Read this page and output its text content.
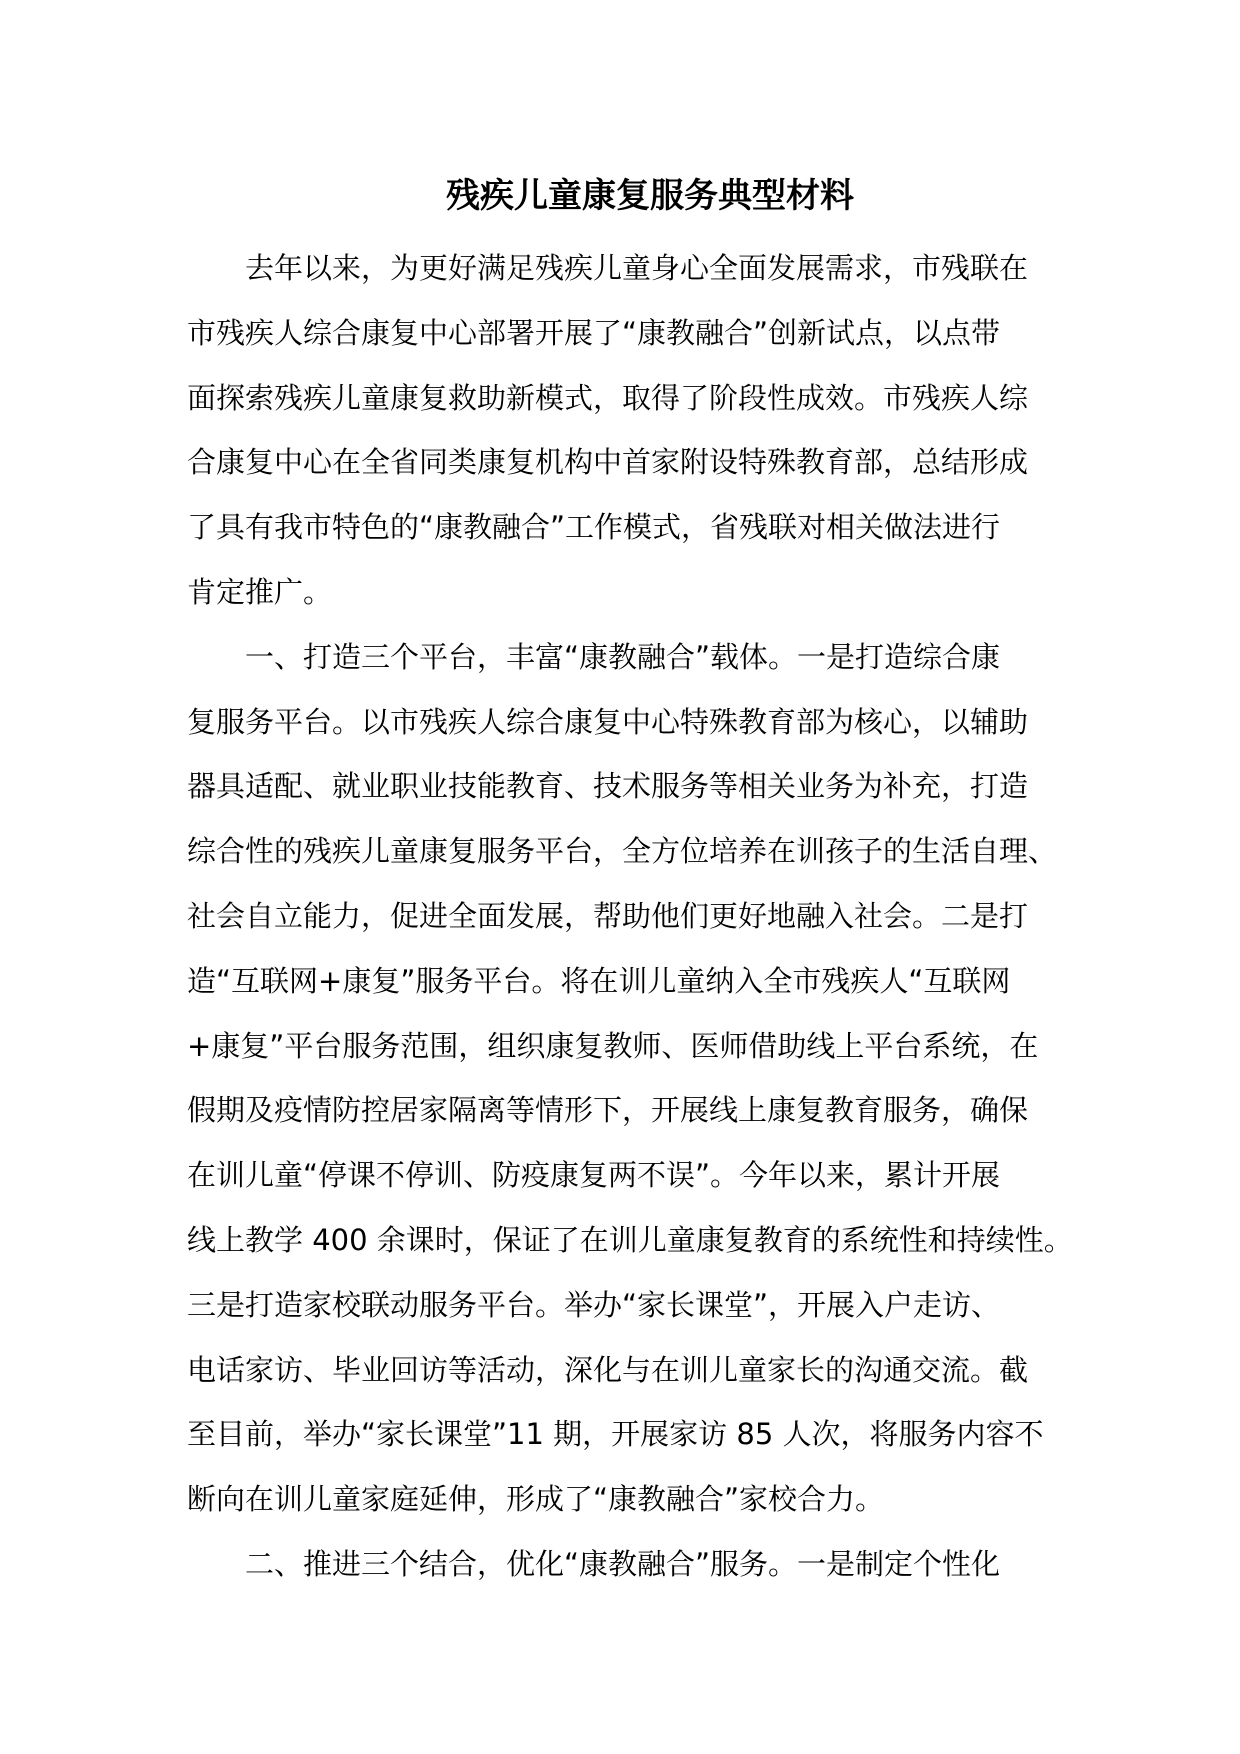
残疾儿童康复服务典型材料
去年以来，为更好满足残疾儿童身心全面发展需求，市残联在
市残疾人综合康复中心部署开展了“康教融合”创新试点，以点带
面探索残疾儿童康复救助新模式，取得了阶段性成效。市残疾人综
合康复中心在全省同类康复机构中首家附设特殊教育部，总结形成
了具有我市特色的“康教融合”工作模式，省残联对相关做法进行
肯定推广。
一、打造三个平台，丰富“康教融合”载体。一是打造综合康
复服务平台。以市残疾人综合康复中心特殊教育部为核心，以辅助
器具适配、就业职业技能教育、技术服务等相关业务为补充，打造
综合性的残疾儿童康复服务平台，全方位培养在训孩子的生活自理、
社会自立能力，促进全面发展，帮助他们更好地融入社会。二是打
造“互联网+康复”服务平台。将在训儿童纳入全市残疾人“互联网
+康复”平台服务范围，组织康复教师、医师借助线上平台系统，在
假期及疫情防控居家隔离等情形下，开展线上康复教育服务，确保
在训儿童“停课不停训、防疫康复两不误”。今年以来，累计开展
线上教学 400 余课时，保证了在训儿童康复教育的系统性和持续性。
三是打造家校联动服务平台。举办“家长课堂”，开展入户走访、
电话家访、毕业回访等活动，深化与在训儿童家长的沟通交流。截
至目前，举办“家长课堂”11 期，开展家访 85 人次，将服务内容不
断向在训儿童家庭延伸，形成了“康教融合”家校合力。
二、推进三个结合，优化“康教融合”服务。一是制定个性化
